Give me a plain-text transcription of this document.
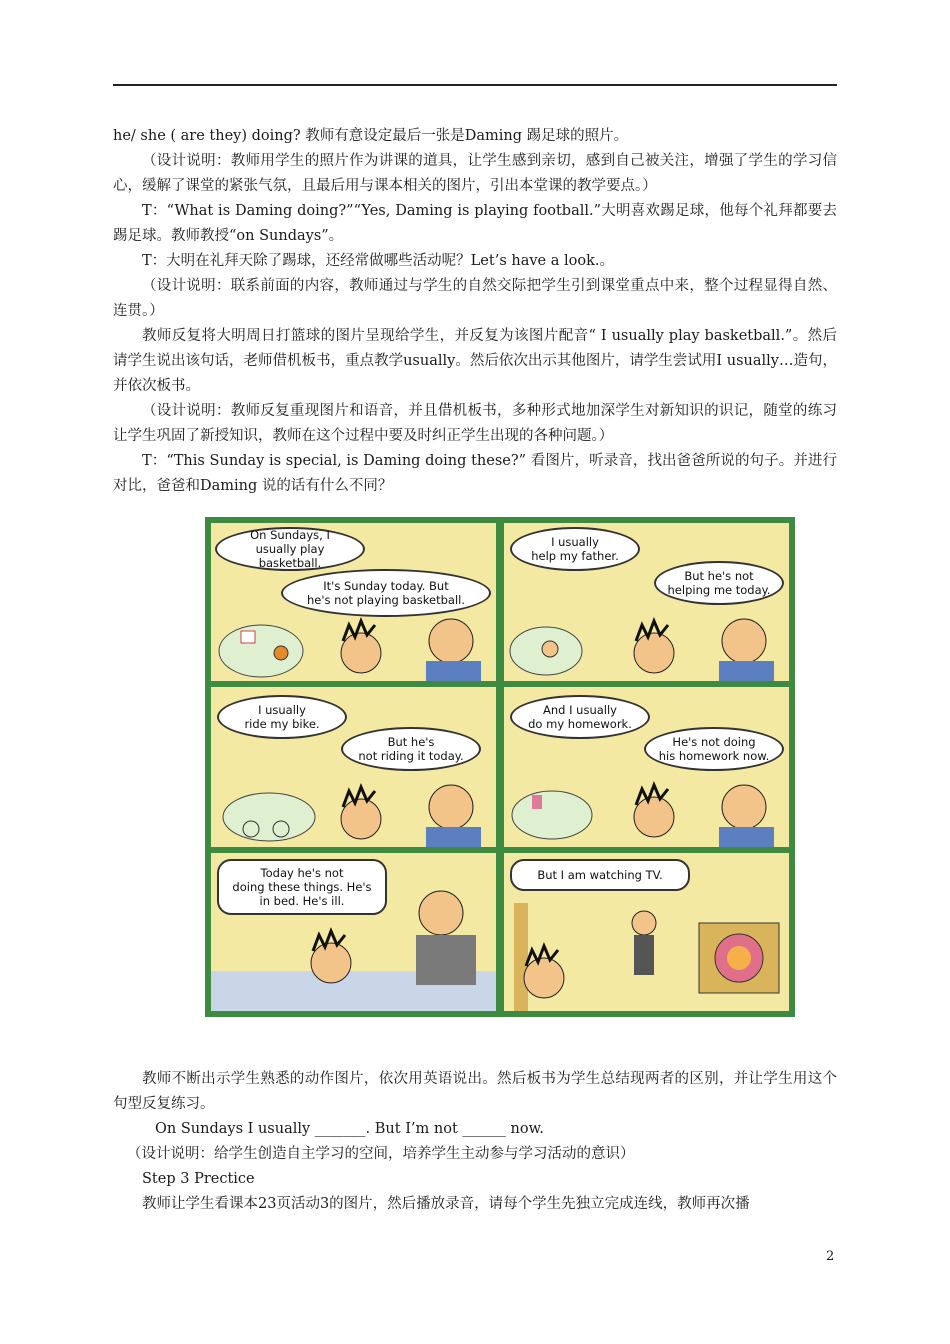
he/ she ( are they) doing? 教师有意设定最后一张是Daming 踢足球的照片。

（设计说明：教师用学生的照片作为讲课的道具，让学生感到亲切，感到自己被关注，增强了学生的学习信心，缓解了课堂的紧张气氛，且最后用与课本相关的图片，引出本堂课的教学要点。）

T：“What is Daming doing?”“Yes, Daming is playing football.”大明喜欢踢足球，他每个礼拜都要去踢足球。教师教授“on Sundays”。

T：大明在礼拜天除了踢球，还经常做哪些活动呢？Let’s have a look.。

（设计说明：联系前面的内容，教师通过与学生的自然交际把学生引到课堂重点中来，整个过程显得自然、连贯。）

教师反复将大明周日打篮球的图片呈现给学生，并反复为该图片配音“ I usually play basketball.”。然后请学生说出该句话，老师借机板书，重点教学usually。然后依次出示其他图片，请学生尝试用I usually…造句，并依次板书。

（设计说明：教师反复重现图片和语音，并且借机板书，多种形式地加深学生对新知识的识记，随堂的练习让学生巩固了新授知识，教师在这个过程中要及时纠正学生出现的各种问题。）

T：“This Sunday is special, is Daming doing these?” 看图片，听录音，找出爸爸所说的句子。并进行对比，爸爸和Daming 说的话有什么不同？

On Sundays, I
usually play basketball.
It's Sunday today. But
he's not playing basketball.
I usually
help my father.
But he's not
helping me today.
I usually
ride my bike.
But he's
not riding it today.
And I usually
do my homework.
He's not doing
his homework now.
Today he's not
doing these things. He's
in bed. He's ill.
But I am watching TV.

教师不断出示学生熟悉的动作图片，依次用英语说出。然后板书为学生总结现两者的区别，并让学生用这个句型反复练习。

On Sundays I usually _______. But I’m not ______ now.

（设计说明：给学生创造自主学习的空间，培养学生主动参与学习活动的意识）

Step 3 Prectice

教师让学生看课本23页活动3的图片，然后播放录音，请每个学生先独立完成连线，教师再次播

2
